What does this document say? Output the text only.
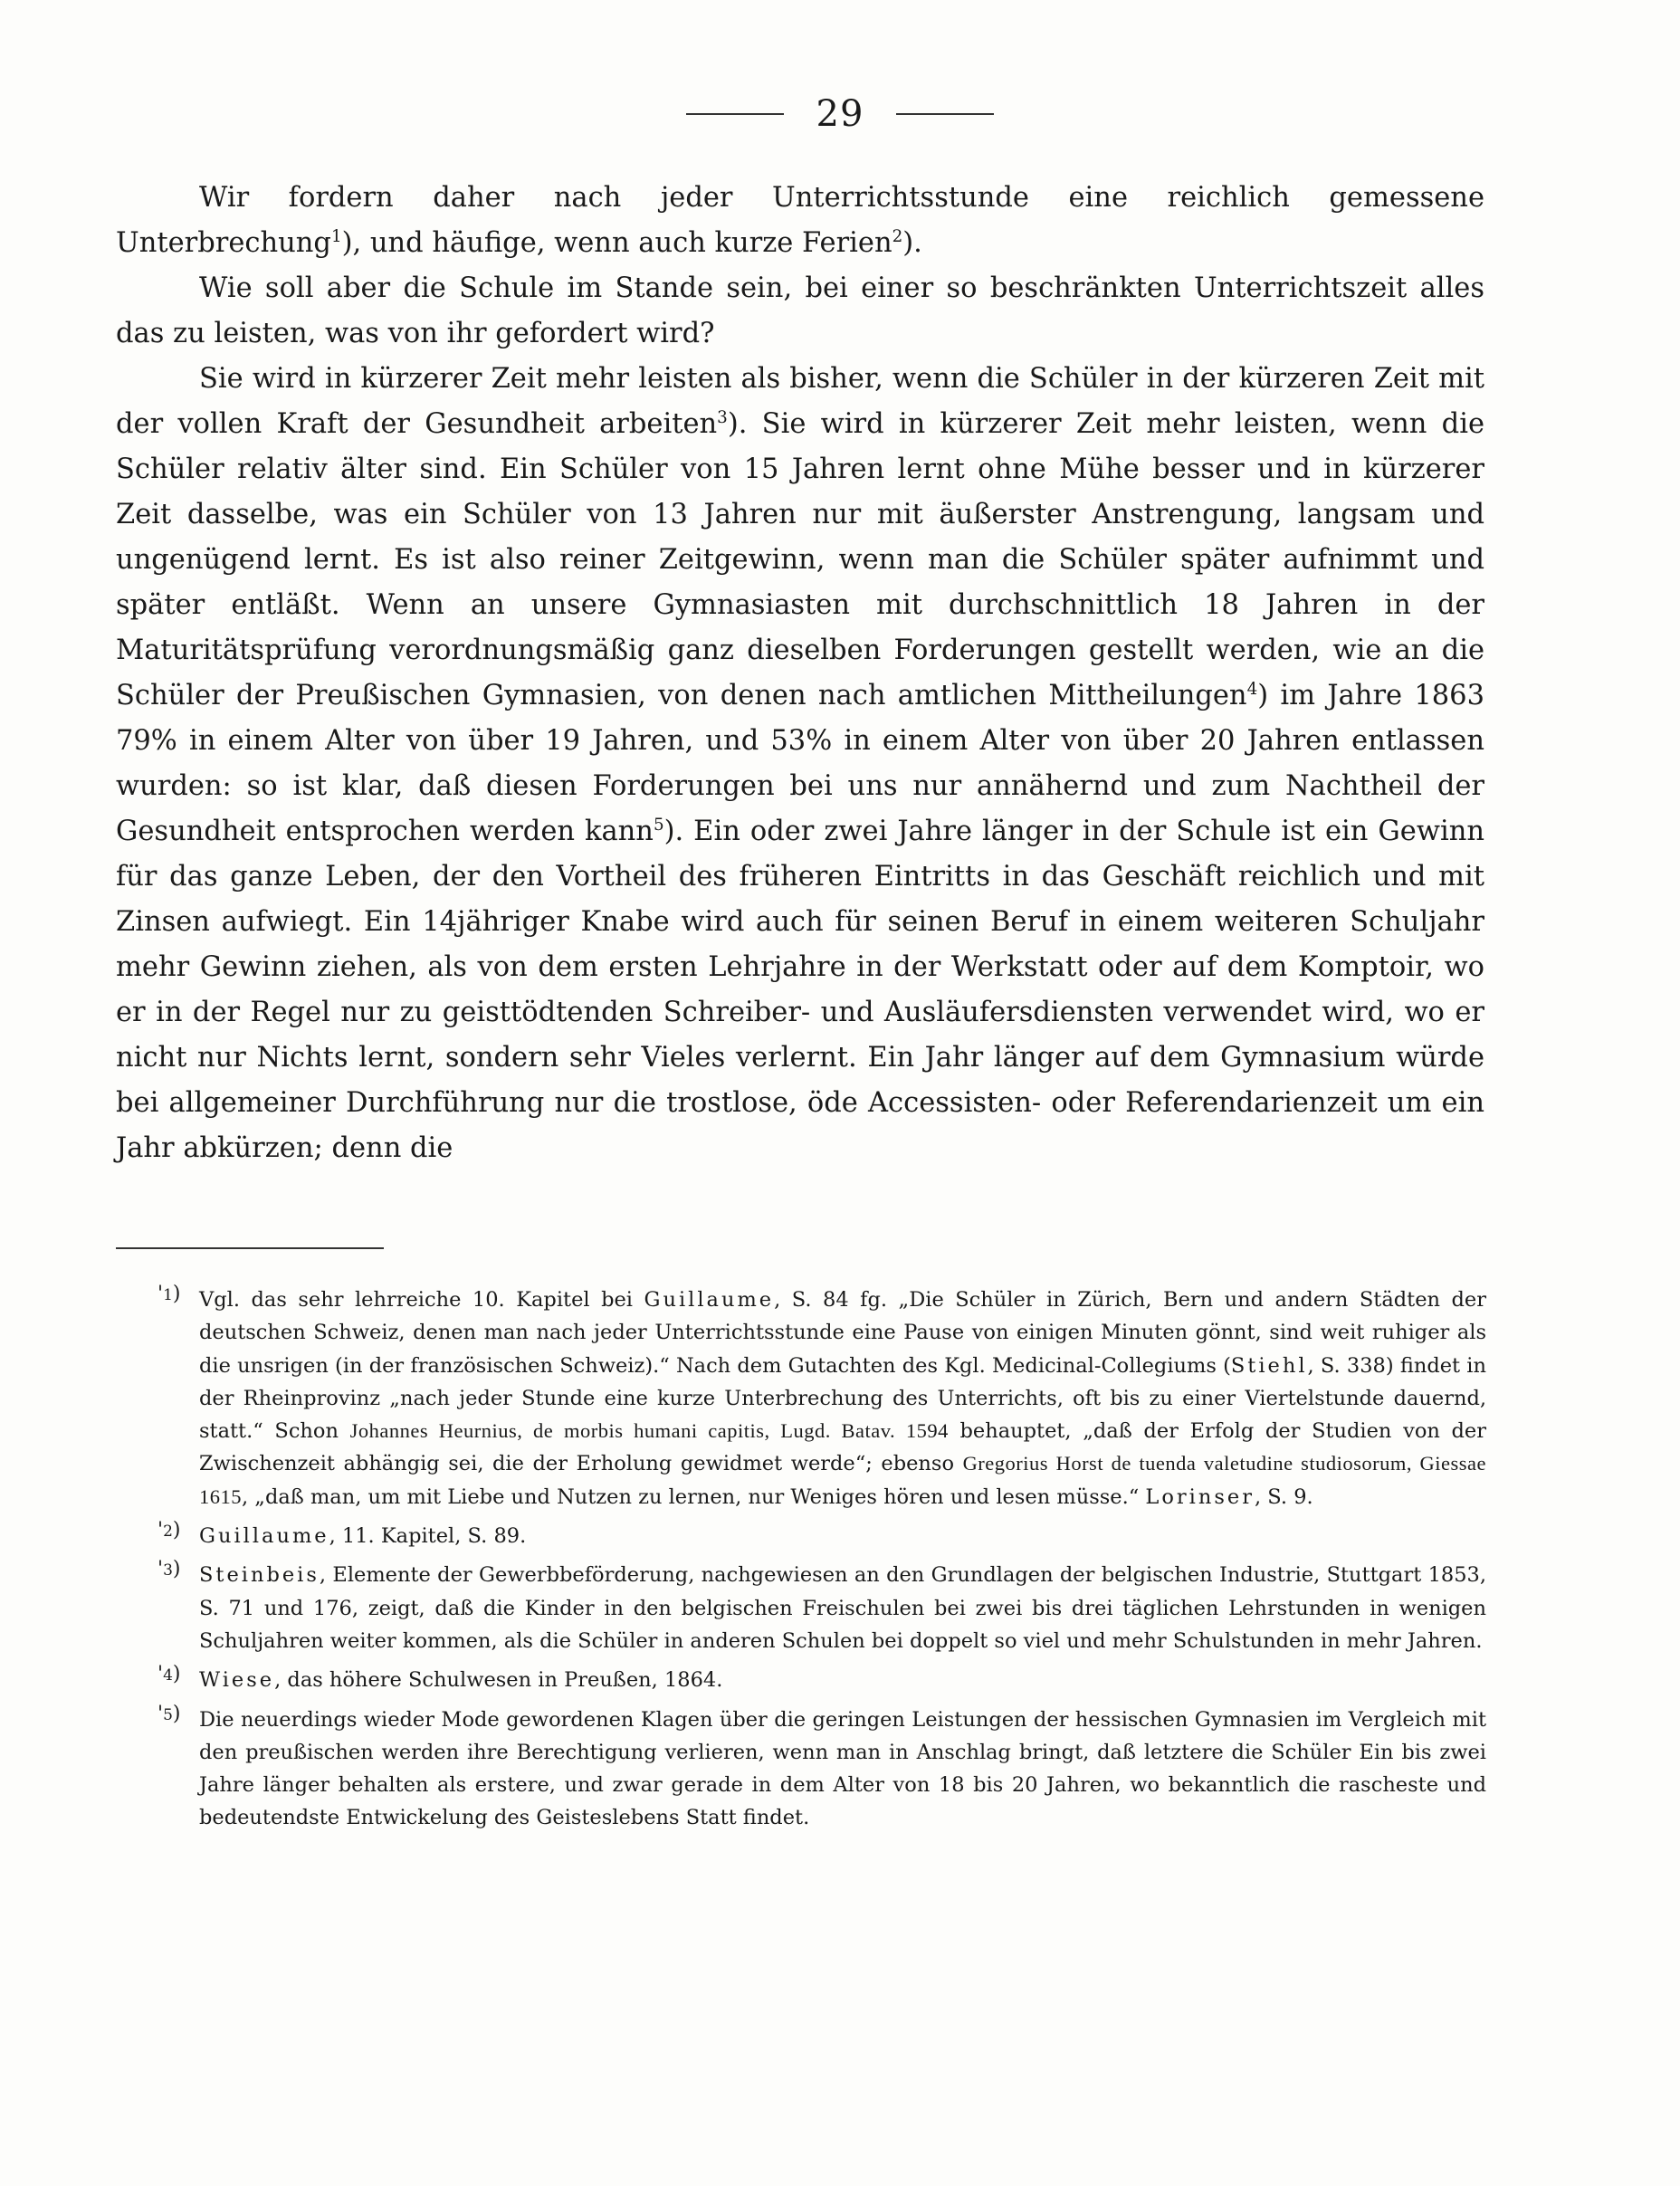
29

Wir fordern daher nach jeder Unterrichtsstunde eine reichlich gemessene Unterbrechung$^1$), und häufige, wenn auch kurze Ferien$^2$).

Wie soll aber die Schule im Stande sein, bei einer so beschränkten Unterrichtszeit alles das zu leisten, was von ihr gefordert wird?

Sie wird in kürzerer Zeit mehr leisten als bisher, wenn die Schüler in der kürzeren Zeit mit der vollen Kraft der Gesundheit arbeiten$^3$). Sie wird in kürzerer Zeit mehr leisten, wenn die Schüler relativ älter sind. Ein Schüler von 15 Jahren lernt ohne Mühe besser und in kürzerer Zeit dasselbe, was ein Schüler von 13 Jahren nur mit äußerster Anstrengung, langsam und ungenügend lernt. Es ist also reiner Zeitgewinn, wenn man die Schüler später aufnimmt und später entläßt. Wenn an unsere Gymnasiasten mit durchschnittlich 18 Jahren in der Maturitätsprüfung verordnungsmäßig ganz dieselben Forderungen gestellt werden, wie an die Schüler der Preußischen Gymnasien, von denen nach amtlichen Mittheilungen$^4$) im Jahre 1863 79% in einem Alter von über 19 Jahren, und 53% in einem Alter von über 20 Jahren entlassen wurden: so ist klar, daß diesen Forderungen bei uns nur annähernd und zum Nachtheil der Gesundheit entsprochen werden kann$^5$). Ein oder zwei Jahre länger in der Schule ist ein Gewinn für das ganze Leben, der den Vortheil des früheren Eintritts in das Geschäft reichlich und mit Zinsen aufwiegt. Ein 14jähriger Knabe wird auch für seinen Beruf in einem weiteren Schuljahr mehr Gewinn ziehen, als von dem ersten Lehrjahre in der Werkstatt oder auf dem Komptoir, wo er in der Regel nur zu geisttödtenden Schreiber- und Ausläufersdiensten verwendet wird, wo er nicht nur Nichts lernt, sondern sehr Vieles verlernt. Ein Jahr länger auf dem Gymnasium würde bei allgemeiner Durchführung nur die trostlose, öde Accessisten- oder Referendarienzeit um ein Jahr abkürzen; denn die

'1) Vgl. das sehr lehrreiche 10. Kapitel bei Guillaume, S. 84 fg. „Die Schüler in Zürich, Bern und andern Städten der deutschen Schweiz, denen man nach jeder Unterrichtsstunde eine Pause von einigen Minuten gönnt, sind weit ruhiger als die unsrigen (in der französischen Schweiz).“ Nach dem Gutachten des Kgl. Medicinal-Collegiums (Stiehl, S. 338) findet in der Rheinprovinz „nach jeder Stunde eine kurze Unterbrechung des Unterrichts, oft bis zu einer Viertelstunde dauernd, statt.“ Schon Johannes Heurnius, de morbis humani capitis, Lugd. Batav. 1594 behauptet, „daß der Erfolg der Studien von der Zwischenzeit abhängig sei, die der Erholung gewidmet werde“; ebenso Gregorius Horst de tuenda valetudine studiosorum, Giessae 1615, „daß man, um mit Liebe und Nutzen zu lernen, nur Weniges hören und lesen müsse.“ Lorinser, S. 9.
'2) Guillaume, 11. Kapitel, S. 89.
'3) Steinbeis, Elemente der Gewerbbeförderung, nachgewiesen an den Grundlagen der belgischen Industrie, Stuttgart 1853, S. 71 und 176, zeigt, daß die Kinder in den belgischen Freischulen bei zwei bis drei täglichen Lehrstunden in wenigen Schuljahren weiter kommen, als die Schüler in anderen Schulen bei doppelt so viel und mehr Schulstunden in mehr Jahren.
'4) Wiese, das höhere Schulwesen in Preußen, 1864.
'5) Die neuerdings wieder Mode gewordenen Klagen über die geringen Leistungen der hessischen Gymnasien im Vergleich mit den preußischen werden ihre Berechtigung verlieren, wenn man in Anschlag bringt, daß letztere die Schüler Ein bis zwei Jahre länger behalten als erstere, und zwar gerade in dem Alter von 18 bis 20 Jahren, wo bekanntlich die rascheste und bedeutendste Entwickelung des Geisteslebens Statt findet.
